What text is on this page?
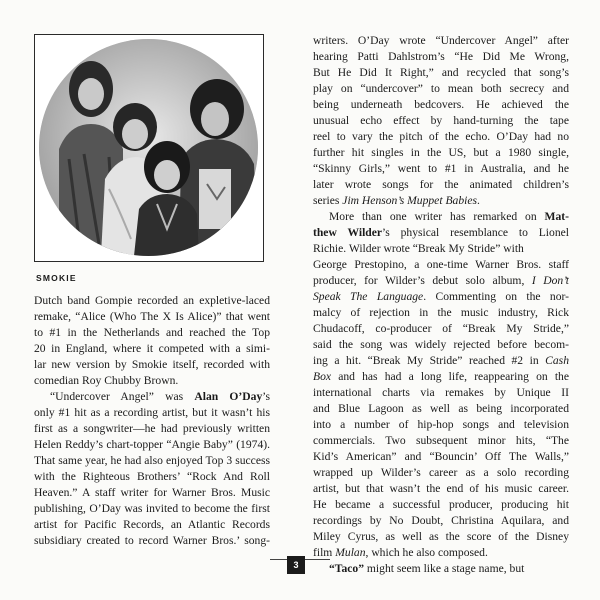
SMOKIE
Dutch band Gompie recorded an expletive-laced
remake, “Alice (Who The X Is Alice)” that went
to #1 in the Netherlands and reached the Top
20 in England, where it competed with a simi-
lar new version by Smokie itself, recorded with
comedian Roy Chubby Brown.
“Undercover Angel” was Alan O’Day’s
only #1 hit as a recording artist, but it wasn’t his
first as a songwriter—he had previously written
Helen Reddy’s chart-topper “Angie Baby” (1974).
That same year, he had also enjoyed Top 3 success
with the Righteous Brothers’ “Rock And Roll
Heaven.” A staff writer for Warner Bros. Music
publishing, O’Day was invited to become the first
artist for Pacific Records, an Atlantic Records
subsidiary created to record Warner Bros.’ song-
writers. O’Day wrote “Undercover Angel” after
hearing Patti Dahlstrom’s “He Did Me Wrong,
But He Did It Right,” and recycled that song’s
play on “undercover” to mean both secrecy and
being underneath bedcovers. He achieved the
unusual echo effect by hand-turning the tape
reel to vary the pitch of the echo. O’Day had no
further hit singles in the US, but a 1980 single,
“Skinny Girls,” went to #1 in Australia, and he
later wrote songs for the animated children’s
series Jim Henson’s Muppet Babies.
More than one writer has remarked on Mat-
thew Wilder’s physical resemblance to Lionel
Richie. Wilder wrote “Break My Stride” with
George Prestopino, a one-time Warner Bros. staff
producer, for Wilder’s debut solo album, I Don’t
Speak The Language. Commenting on the nor-
malcy of rejection in the music industry, Rick
Chudacoff, co-producer of “Break My Stride,”
said the song was widely rejected before becom-
ing a hit. “Break My Stride” reached #2 in Cash
Box and has had a long life, reappearing on the
international charts via remakes by Unique II
and Blue Lagoon as well as being incorporated
into a number of hip-hop songs and television
commercials. Two subsequent minor hits, “The
Kid’s American” and “Bouncin’ Off The Walls,”
wrapped up Wilder’s career as a solo recording
artist, but that wasn’t the end of his music career.
He became a successful producer, producing hit
recordings by No Doubt, Christina Aquilara, and
Miley Cyrus, as well as the score of the Disney
film Mulan, which he also composed.
“Taco” might seem like a stage name, but
3
